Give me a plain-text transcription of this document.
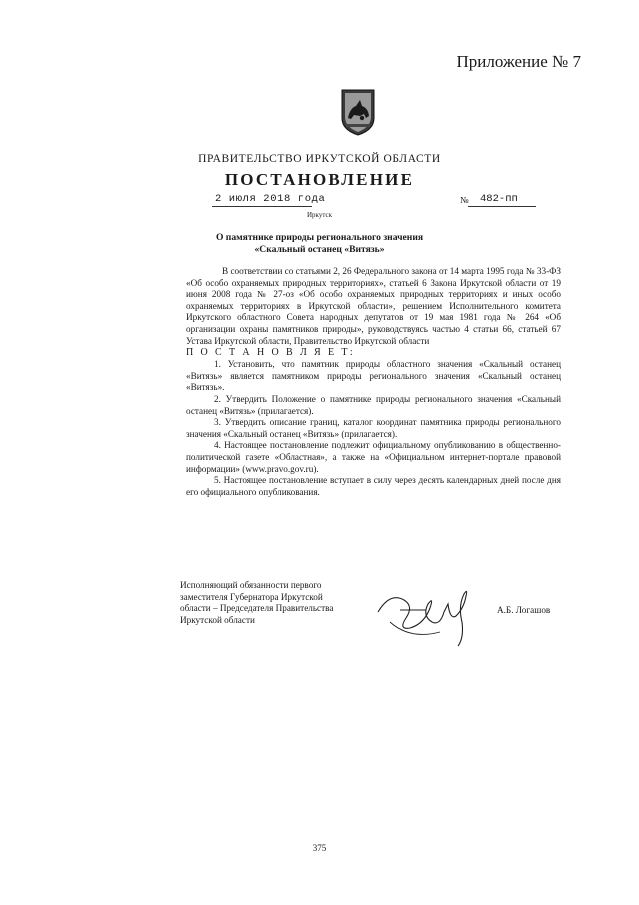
Приложение № 7
ПРАВИТЕЛЬСТВО ИРКУТСКОЙ ОБЛАСТИ
ПОСТАНОВЛЕНИЕ
2 июля 2018 года	№ 482-пп
Иркутск
О памятнике природы регионального значения
«Скальный останец «Витязь»

В соответствии со статьями 2, 26 Федерального закона от 14 марта 1995 года № 33-ФЗ «Об особо охраняемых природных территориях», статьей 6 Закона Иркутской области от 19 июня 2008 года № 27-оз «Об особо охраняемых природных территориях и иных особо охраняемых территориях в Иркутской области», решением Исполнительного комитета Иркутского областного Совета народных депутатов от 19 мая 1981 года № 264 «Об организации охраны памятников природы», руководствуясь частью 4 статьи 66, статьей 67 Устава Иркутской области, Правительство Иркутской области

П О С Т А Н О В Л Я Е Т:

1. Установить, что памятник природы областного значения «Скальный останец «Витязь» является памятником природы регионального значения «Скальный останец «Витязь».

2. Утвердить Положение о памятнике природы регионального значения «Скальный останец «Витязь» (прилагается).

3. Утвердить описание границ, каталог координат памятника природы регионального значения «Скальный останец «Витязь» (прилагается).

4. Настоящее постановление подлежит официальному опубликованию в общественно-политической газете «Областная», а также на «Официальном интернет-портале правовой информации» (www.pravo.gov.ru).

5. Настоящее постановление вступает в силу через десять календарных дней после дня его официального опубликования.

Исполняющий обязанности первого
заместителя Губернатора Иркутской
области – Председателя Правительства
Иркутской области
А.Б. Логашов
375
